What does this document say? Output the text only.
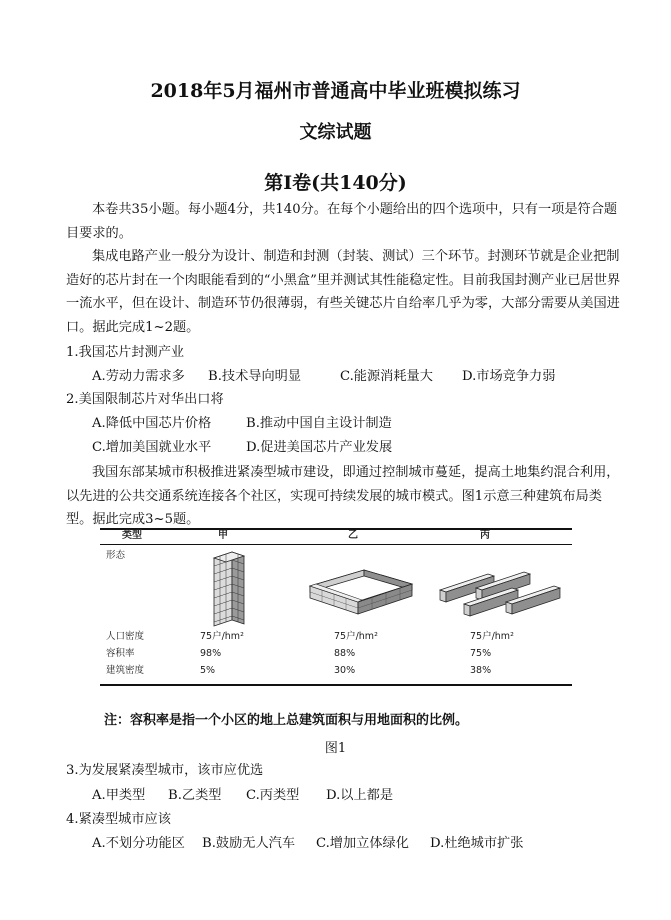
2018年5月福州市普通高中毕业班模拟练习
文综试题
第Ⅰ卷(共140分)

本卷共35小题。每小题4分，共140分。在每个小题给出的四个选项中，只有一项是符合题目要求的。

集成电路产业一般分为设计、制造和封测（封装、测试）三个环节。封测环节就是企业把制造好的芯片封在一个肉眼能看到的“小黑盒”里并测试其性能稳定性。目前我国封测产业已居世界一流水平，但在设计、制造环节仍很薄弱，有些关键芯片自给率几乎为零，大部分需要从美国进口。据此完成1~2题。

1.我国芯片封测产业
A.劳动力需求多 B.技术导向明显	C.能源消耗量大 D.市场竞争力弱
2.美国限制芯片对华出口将
A.降低中国芯片价格	B.推动中国自主设计制造
C.增加美国就业水平	D.促进美国芯片产业发展

我国东部某城市积极推进紧凑型城市建设，即通过控制城市蔓延，提高土地集约混合利用，以先进的公共交通系统连接各个社区，实现可持续发展的城市模式。图1示意三种建筑布局类型。据此完成3~5题。

类型	甲	乙	丙
形态
人口密度	75户/hm²	75户/hm²	75户/hm²
容积率	98%	88%	75%
建筑密度	5%	30%	38%
注：容积率是指一个小区的地上总建筑面积与用地面积的比例。
图1
3.为发展紧凑型城市，该市应优选
A.甲类型 B.乙类型 C.丙类型 D.以上都是
4.紧凑型城市应该
A.不划分功能区 B.鼓励无人汽车 C.增加立体绿化 D.杜绝城市扩张
